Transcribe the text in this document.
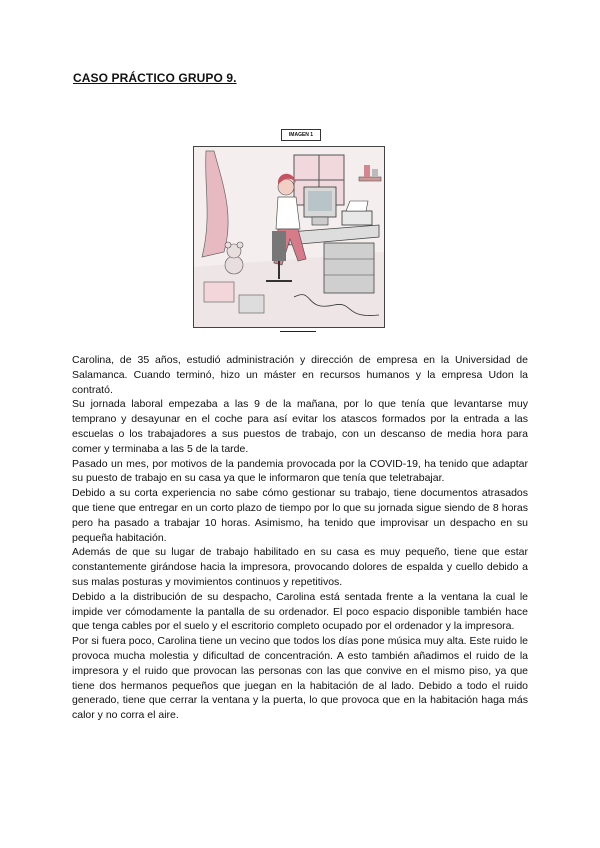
CASO PRÁCTICO GRUPO 9.
IMAGEN 1

Carolina, de 35 años, estudió administración y dirección de empresa en la Universidad de Salamanca. Cuando terminó, hizo un máster en recursos humanos y la empresa Udon la contrató.

Su jornada laboral empezaba a las 9 de la mañana, por lo que tenía que levantarse muy temprano y desayunar en el coche para así evitar los atascos formados por la entrada a las escuelas o los trabajadores a sus puestos de trabajo, con un descanso de media hora para comer y terminaba a las 5 de la tarde.

Pasado un mes, por motivos de la pandemia provocada por la COVID-19, ha tenido que adaptar su puesto de trabajo en su casa ya que le informaron que tenía que teletrabajar.

Debido a su corta experiencia no sabe cómo gestionar su trabajo, tiene documentos atrasados que tiene que entregar en un corto plazo de tiempo por lo que su jornada sigue siendo de 8 horas pero ha pasado a trabajar 10 horas. Asimismo, ha tenido que improvisar un despacho en su pequeña habitación.

Además de que su lugar de trabajo habilitado en su casa es muy pequeño, tiene que estar constantemente girándose hacia la impresora, provocando dolores de espalda y cuello debido a sus malas posturas y movimientos continuos y repetitivos.

Debido a la distribución de su despacho, Carolina está sentada frente a la ventana la cual le impide ver cómodamente la pantalla de su ordenador. El poco espacio disponible también hace que tenga cables por el suelo y el escritorio completo ocupado por el ordenador y la impresora.

Por si fuera poco, Carolina tiene un vecino que todos los días pone música muy alta. Este ruido le provoca mucha molestia y dificultad de concentración. A esto también añadimos el ruido de la impresora y el ruido que provocan las personas con las que convive en el mismo piso, ya que tiene dos hermanos pequeños que juegan en la habitación de al lado. Debido a todo el ruido generado, tiene que cerrar la ventana y la puerta, lo que provoca que en la habitación haga más calor y no corra el aire.
